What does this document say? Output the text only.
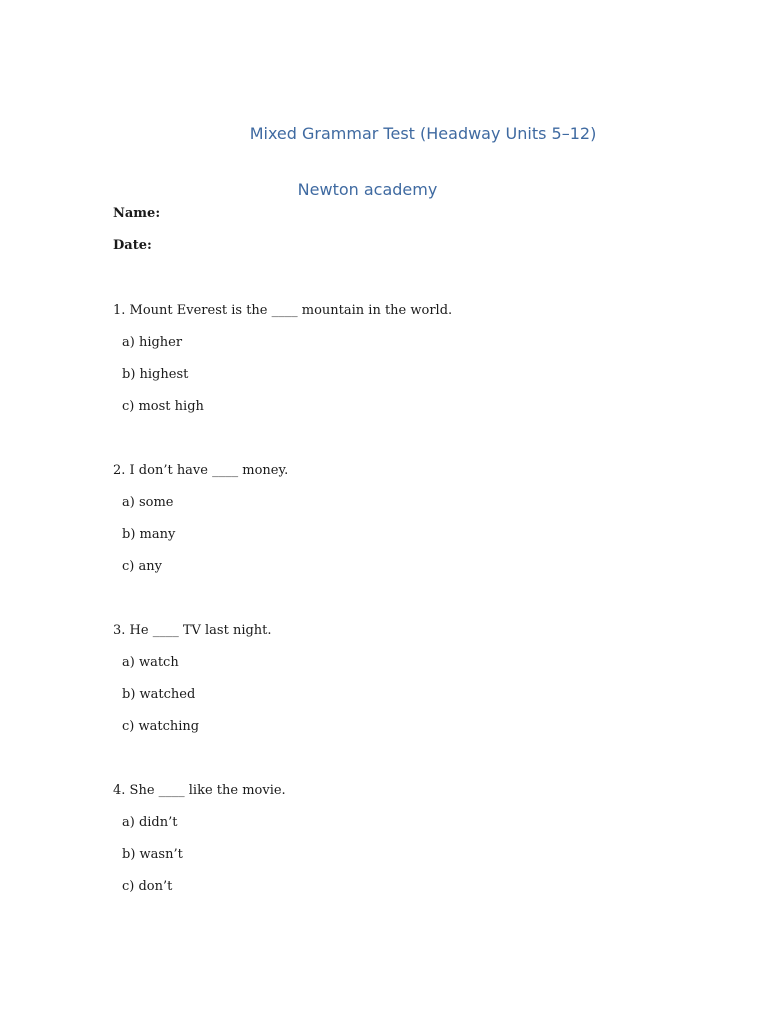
Mixed Grammar Test (Headway Units 5–12)
Newton academy

Name:

Date:

1. Mount Everest is the ____ mountain in the world.

a) higher

b) highest

c) most high

2. I don’t have ____ money.

a) some

b) many

c) any

3. He ____ TV last night.

a) watch

b) watched

c) watching

4. She ____ like the movie.

a) didn’t

b) wasn’t

c) don’t
